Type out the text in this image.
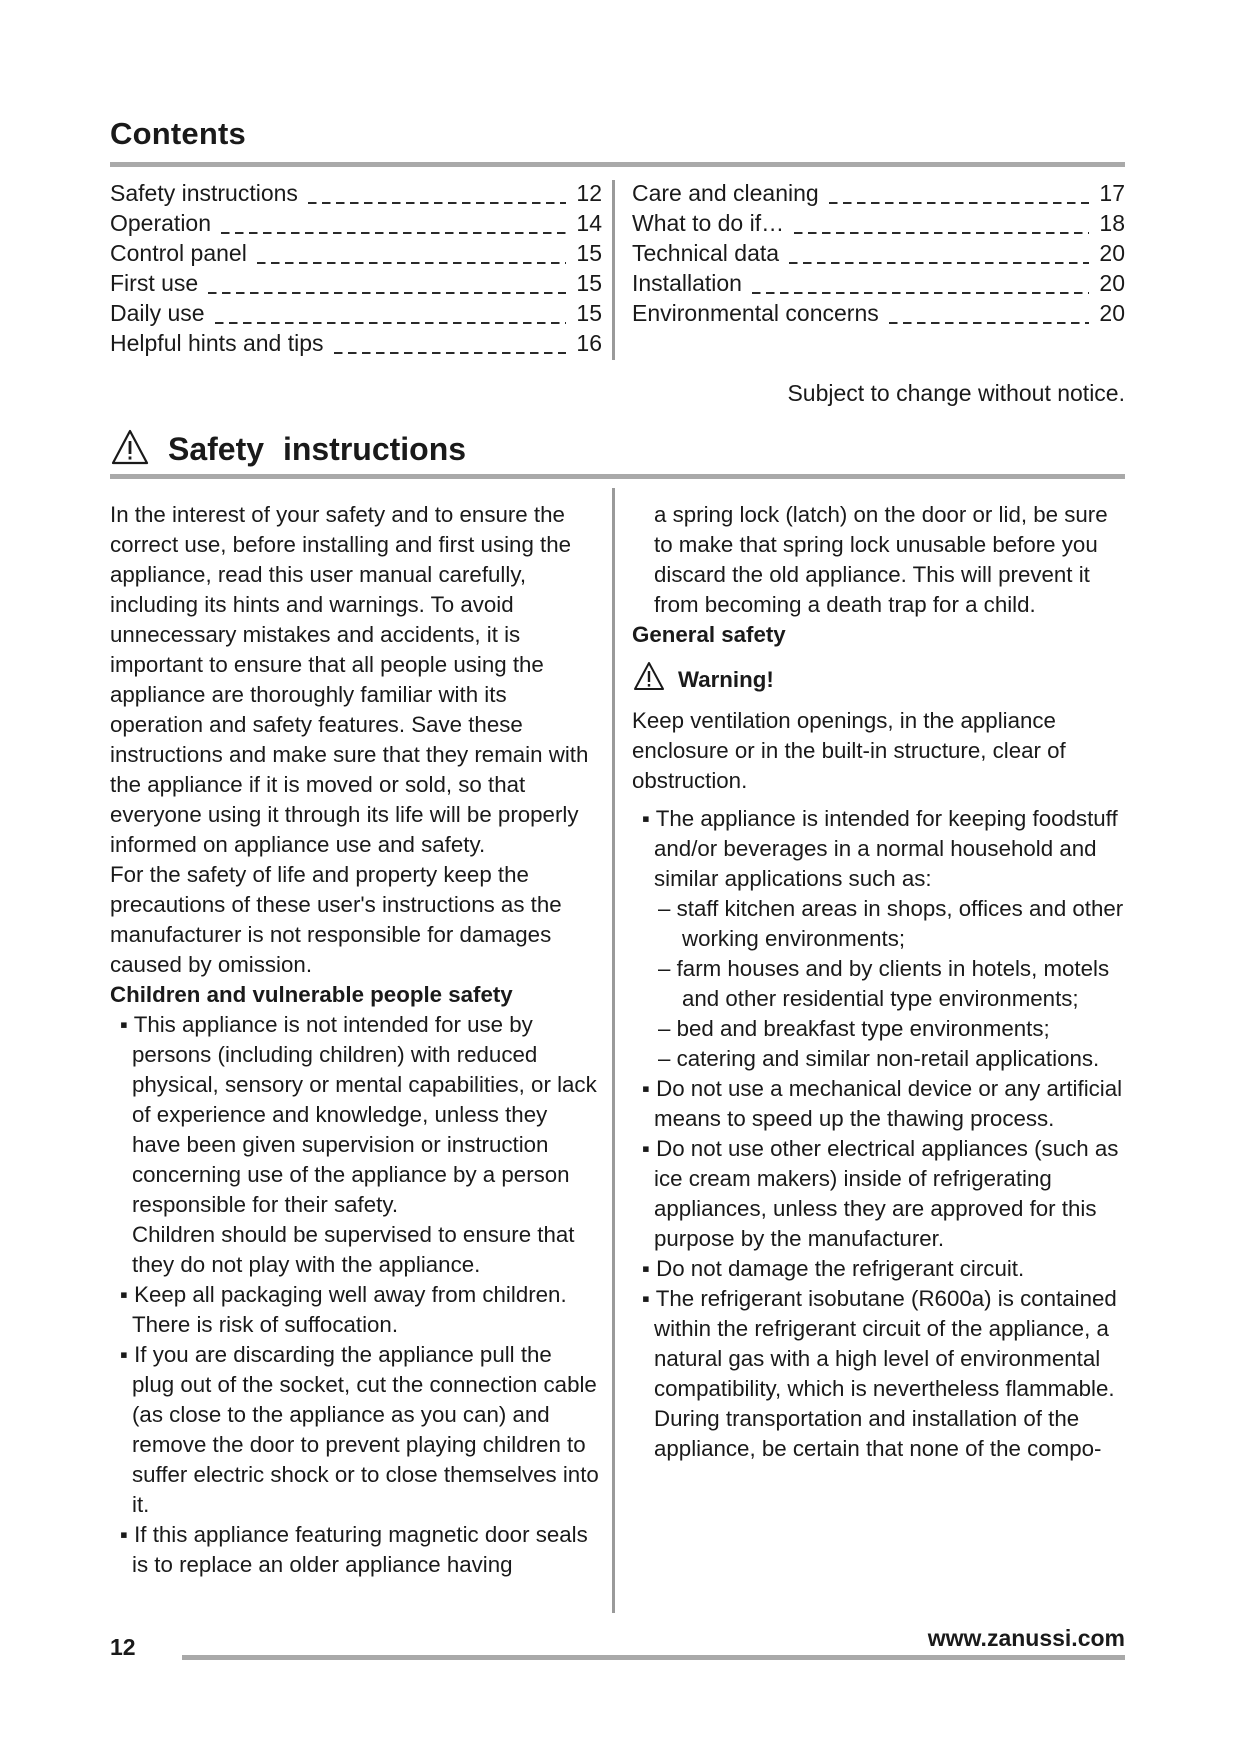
Contents
Safety instructions	12
Operation	14
Control panel	15
First use	15
Daily use	15
Helpful hints and tips	16
Care and cleaning	17
What to do if…	18
Technical data	20
Installation	20
Environmental concerns	20
Subject to change without notice.
Safety instructions

In the interest of your safety and to ensure the correct use, before installing and first using the appliance, read this user manual carefully, including its hints and warnings. To avoid unnecessary mistakes and accidents, it is important to ensure that all people using the appliance are thoroughly familiar with its operation and safety features. Save these instructions and make sure that they remain with the appliance if it is moved or sold, so that everyone using it through its life will be properly informed on appliance use and safety.

For the safety of life and property keep the precautions of these user's instructions as the manufacturer is not responsible for damages caused by omission.

Children and vulnerable people safety

▪ This appliance is not intended for use by persons (including children) with reduced physical, sensory or mental capabilities, or lack of experience and knowledge, unless they have been given supervision or instruction concerning use of the appliance by a person responsible for their safety.

Children should be supervised to ensure that they do not play with the appliance.

▪ Keep all packaging well away from children. There is risk of suffocation.

▪ If you are discarding the appliance pull the plug out of the socket, cut the connection cable (as close to the appliance as you can) and remove the door to prevent playing children to suffer electric shock or to close themselves into it.

▪ If this appliance featuring magnetic door seals is to replace an older appliance having

a spring lock (latch) on the door or lid, be sure to make that spring lock unusable before you discard the old appliance. This will prevent it from becoming a death trap for a child.

General safety

Warning!

Keep ventilation openings, in the appliance enclosure or in the built-in structure, clear of obstruction.

▪ The appliance is intended for keeping foodstuff and/or beverages in a normal household and similar applications such as:

– staff kitchen areas in shops, offices and other working environments;

– farm houses and by clients in hotels, motels and other residential type environments;

– bed and breakfast type environments;

– catering and similar non-retail applications.

▪ Do not use a mechanical device or any artificial means to speed up the thawing process.

▪ Do not use other electrical appliances (such as ice cream makers) inside of refrigerating appliances, unless they are approved for this purpose by the manufacturer.

▪ Do not damage the refrigerant circuit.

▪ The refrigerant isobutane (R600a) is contained within the refrigerant circuit of the appliance, a natural gas with a high level of environmental compatibility, which is nevertheless flammable.

During transportation and installation of the appliance, be certain that none of the compo-

12	www.zanussi.com
